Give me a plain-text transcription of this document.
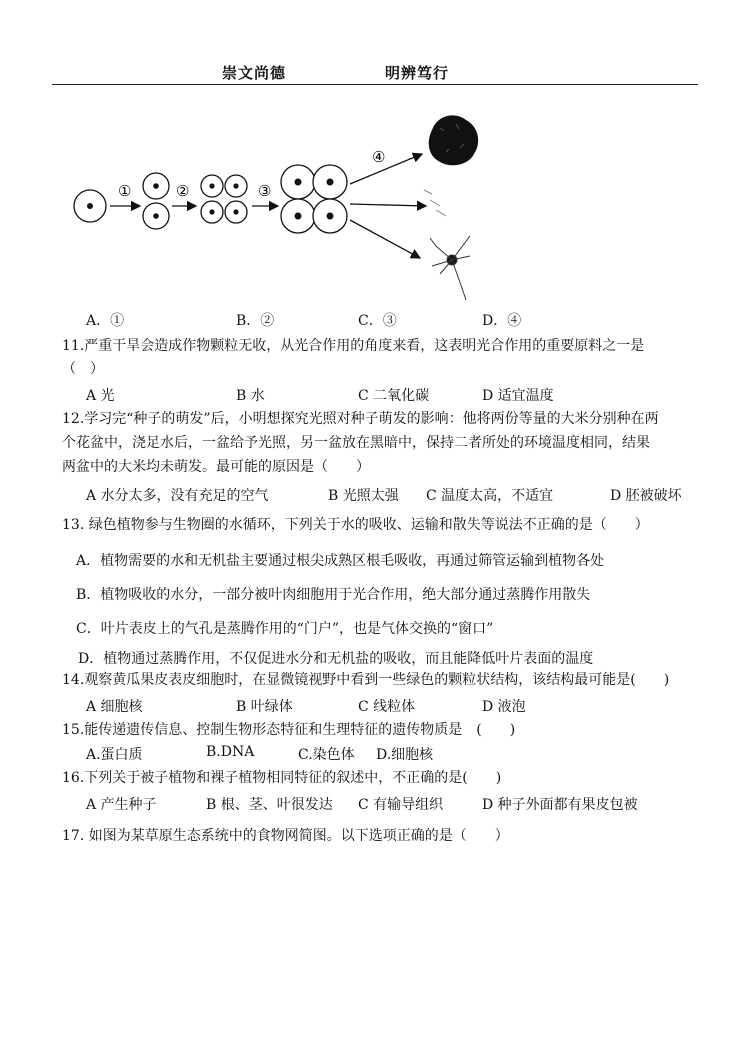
崇文尚德	明辨笃行
①	②	③
④
A．①	B．②	C．③	D．④
11.严重干旱会造成作物颗粒无收，从光合作用的角度来看，这表明光合作用的重要原料之一是
（　）
A 光	B 水	C 二氧化碳	D 适宜温度
12.学习完“种子的萌发”后，小明想探究光照对种子萌发的影响：他将两份等量的大米分别种在两
个花盆中，浇足水后，一盆给予光照，另一盆放在黑暗中，保持二者所处的环境温度相同，结果
两盆中的大米均未萌发。最可能的原因是（　　）
A 水分太多，没有充足的空气	B 光照太强 C 温度太高，不适宜	D 胚被破坏
13. 绿色植物参与生物圈的水循环，下列关于水的吸收、运输和散失等说法不正确的是（　　）
A．植物需要的水和无机盐主要通过根尖成熟区根毛吸收，再通过筛管运输到植物各处
B．植物吸收的水分，一部分被叶肉细胞用于光合作用，绝大部分通过蒸腾作用散失
C．叶片表皮上的气孔是蒸腾作用的“门户”，也是气体交换的“窗口”
D．植物通过蒸腾作用，不仅促进水分和无机盐的吸收，而且能降低叶片表面的温度
14.观察黄瓜果皮表皮细胞时，在显微镜视野中看到一些绿色的颗粒状结构，该结构最可能是(　　)
A 细胞核	B 叶绿体	C 线粒体	D 液泡
15.能传递遗传信息、控制生物形态特征和生理特征的遗传物质是　(　　)
A.蛋白质	B.DNA	C.染色体 D.细胞核
16.下列关于被子植物和裸子植物相同特征的叙述中，不正确的是(　　)
A 产生种子	B 根、茎、叶很发达 C 有输导组织	D 种子外面都有果皮包被
17. 如图为某草原生态系统中的食物网简图。以下选项正确的是（　　）
